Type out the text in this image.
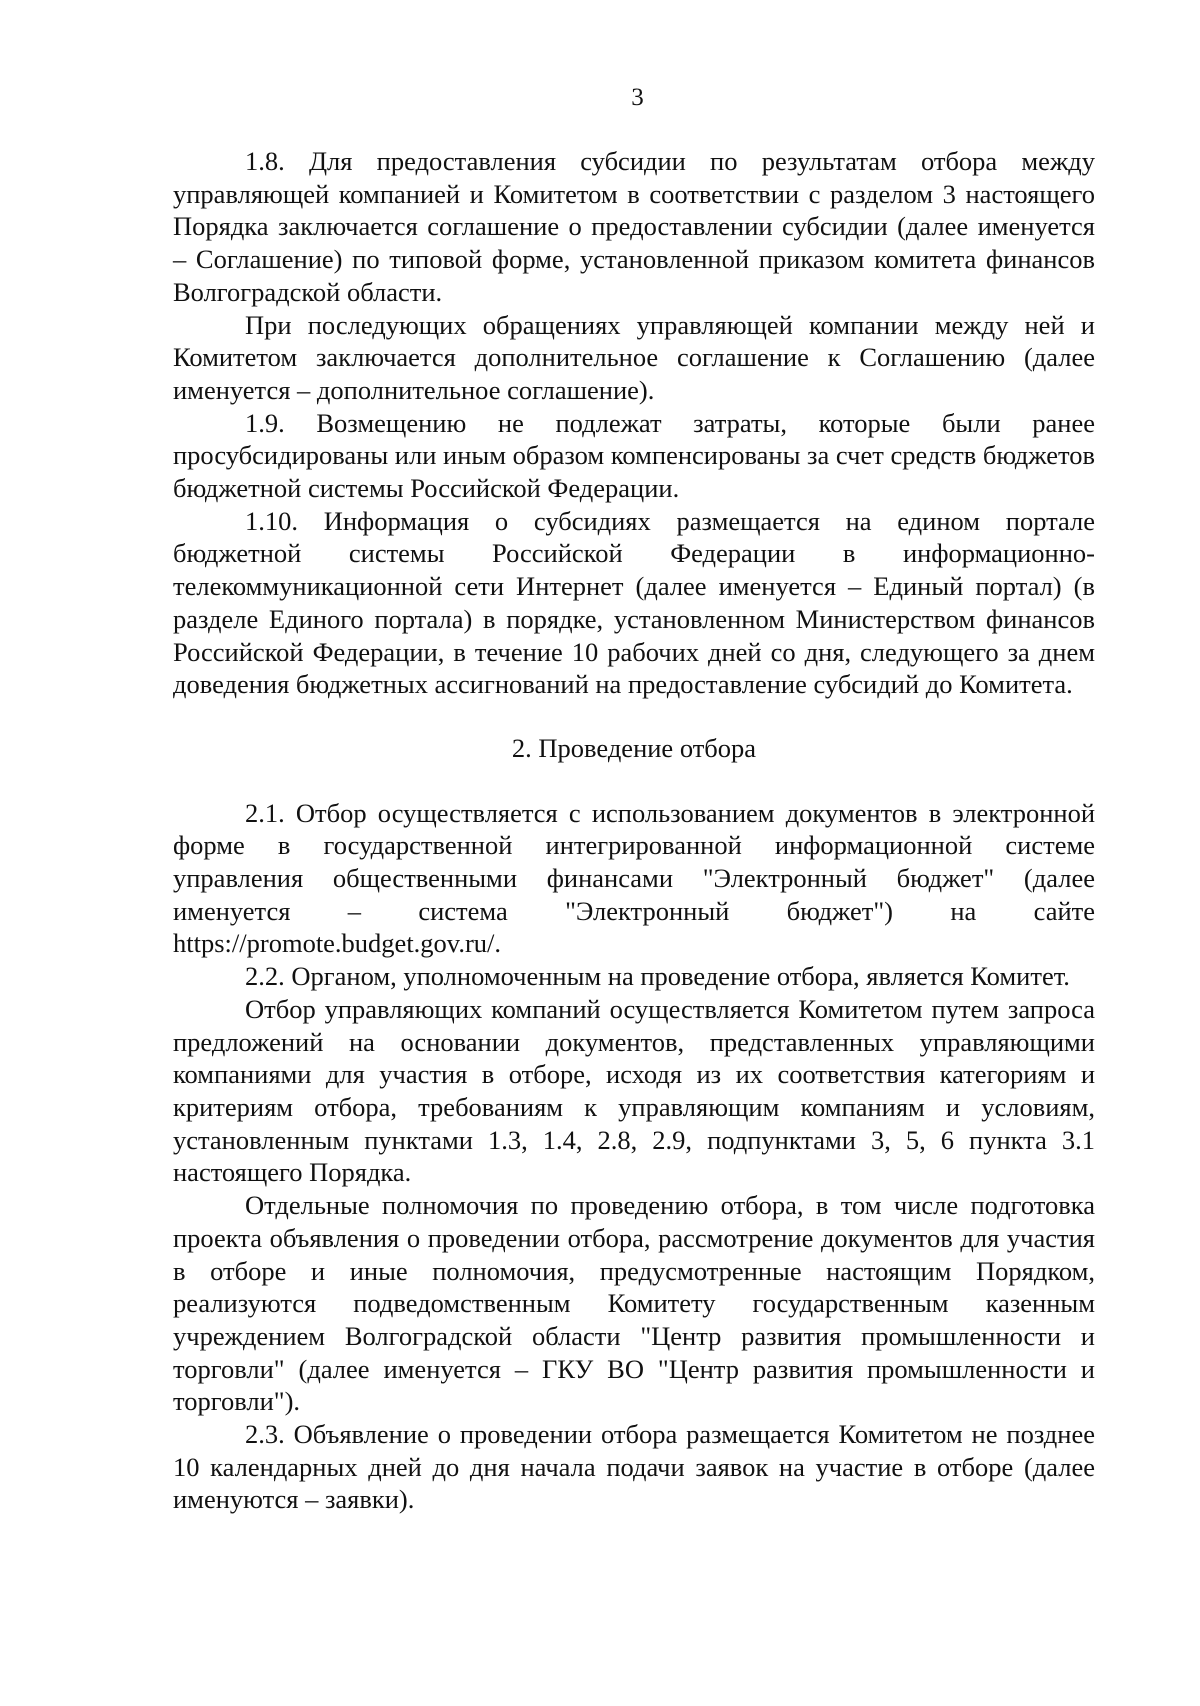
3

1.8. Для предоставления субсидии по результатам отбора между управляющей компанией и Комитетом в соответствии с разделом 3 настоящего Порядка заключается соглашение о предоставлении субсидии (далее именуется – Соглашение) по типовой форме, установленной приказом комитета финансов Волгоградской области.

При последующих обращениях управляющей компании между ней и Комитетом заключается дополнительное соглашение к Соглашению (далее именуется – дополнительное соглашение).

1.9. Возмещению не подлежат затраты, которые были ранее просубсидированы или иным образом компенсированы за счет средств бюджетов бюджетной системы Российской Федерации.

1.10. Информация о субсидиях размещается на едином портале бюджетной системы Российской Федерации в информационно-телекоммуникационной сети Интернет (далее именуется – Единый портал) (в разделе Единого портала) в порядке, установленном Министерством финансов Российской Федерации, в течение 10 рабочих дней со дня, следующего за днем доведения бюджетных ассигнований на предоставление субсидий до Комитета.

2. Проведение отбора

2.1. Отбор осуществляется с использованием документов в электронной форме в государственной интегрированной информационной системе управления общественными финансами "Электронный бюджет" (далее именуется – система "Электронный бюджет") на сайте https://promote.budget.gov.ru/.

2.2. Органом, уполномоченным на проведение отбора, является Комитет.

Отбор управляющих компаний осуществляется Комитетом путем запроса предложений на основании документов, представленных управляющими компаниями для участия в отборе, исходя из их соответствия категориям и критериям отбора, требованиям к управляющим компаниям и условиям, установленным пунктами 1.3, 1.4, 2.8, 2.9, подпунктами 3, 5, 6 пункта 3.1 настоящего Порядка.

Отдельные полномочия по проведению отбора, в том числе подготовка проекта объявления о проведении отбора, рассмотрение документов для участия в отборе и иные полномочия, предусмотренные настоящим Порядком, реализуются подведомственным Комитету государственным казенным учреждением Волгоградской области "Центр развития промышленности и торговли" (далее именуется – ГКУ ВО "Центр развития промышленности и торговли").

2.3. Объявление о проведении отбора размещается Комитетом не позднее 10 календарных дней до дня начала подачи заявок на участие в отборе (далее именуются – заявки).
